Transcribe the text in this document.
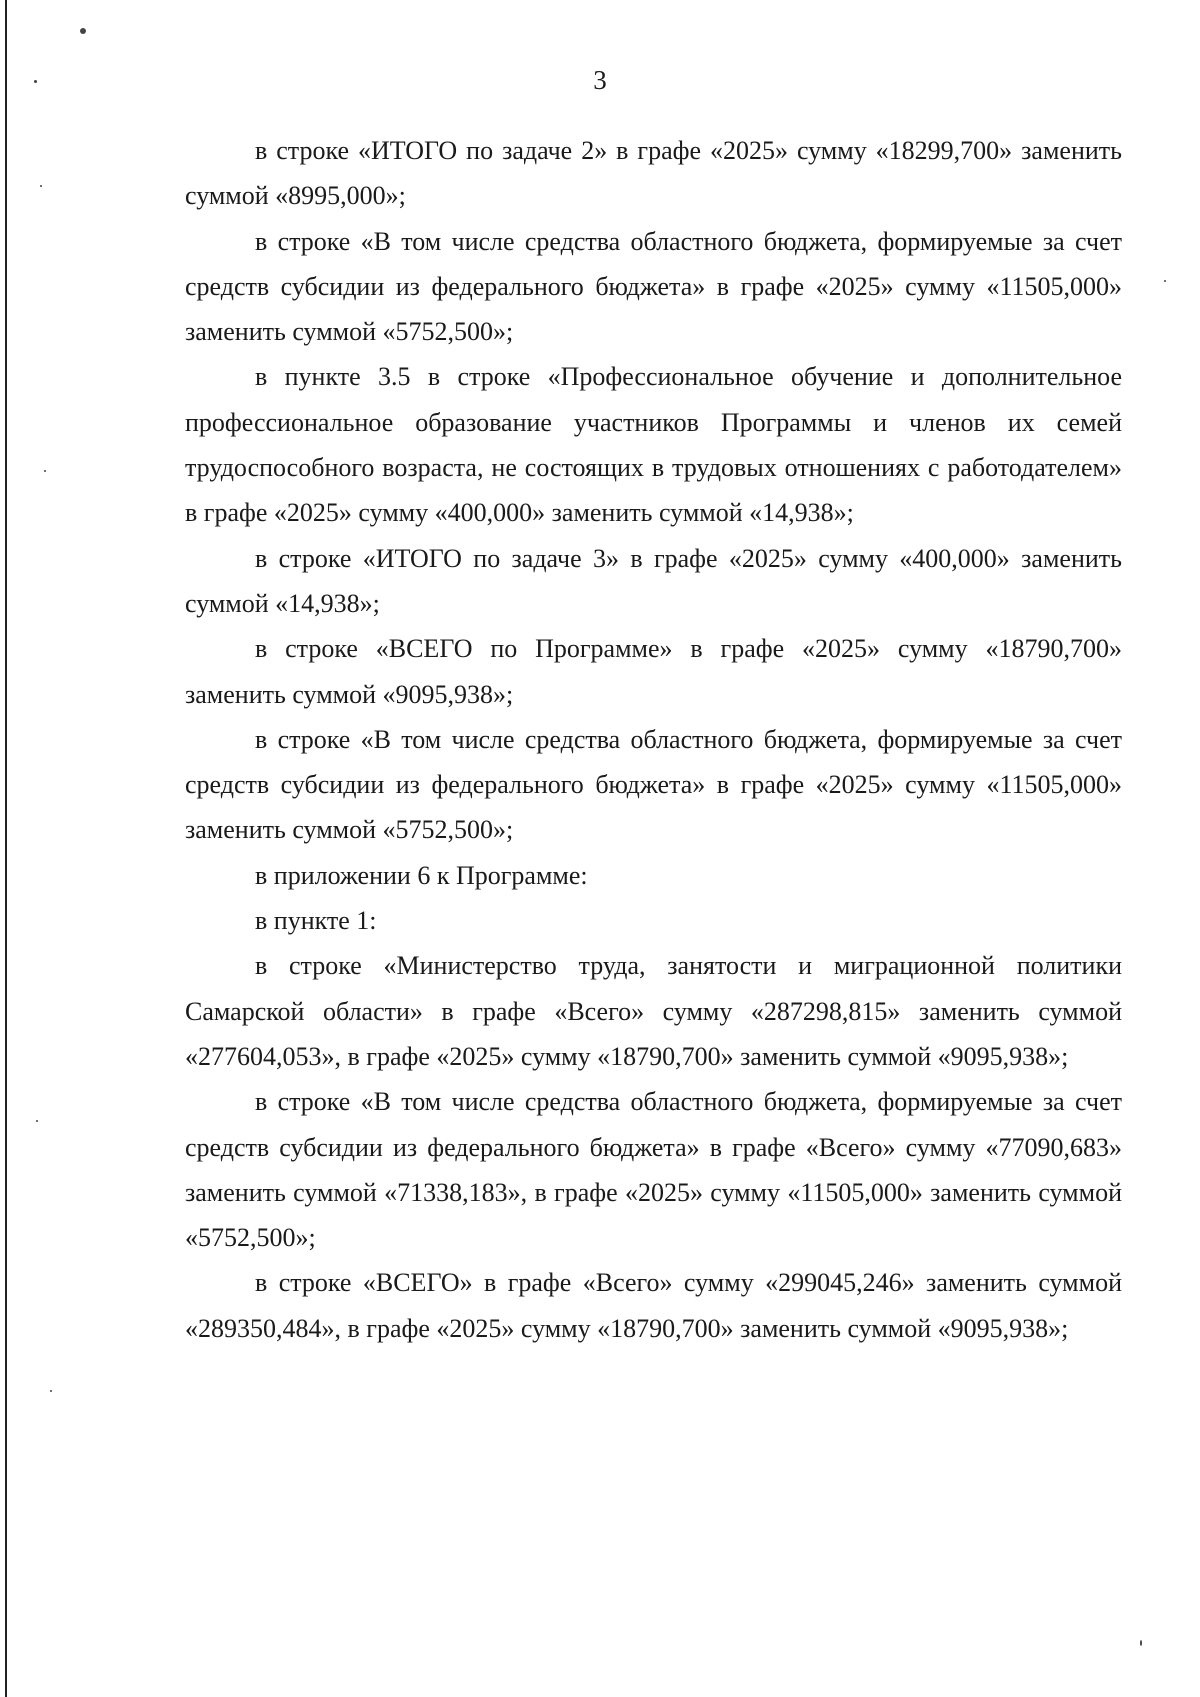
3

в строке «ИТОГО по задаче 2» в графе «2025» сумму «18299,700» заменить суммой «8995,000»;

в строке «В том числе средства областного бюджета, формируемые за счет средств субсидии из федерального бюджета» в графе «2025» сумму «11505,000» заменить суммой «5752,500»;

в пункте 3.5 в строке «Профессиональное обучение и дополнительное профессиональное образование участников Программы и членов их семей трудоспособного возраста, не состоящих в трудовых отношениях с работодателем» в графе «2025» сумму «400,000» заменить суммой «14,938»;

в строке «ИТОГО по задаче 3» в графе «2025» сумму «400,000» заменить суммой «14,938»;

в строке «ВСЕГО по Программе» в графе «2025» сумму «18790,700» заменить суммой «9095,938»;

в строке «В том числе средства областного бюджета, формируемые за счет средств субсидии из федерального бюджета» в графе «2025» сумму «11505,000» заменить суммой «5752,500»;

в приложении 6 к Программе:

в пункте 1:

в строке «Министерство труда, занятости и миграционной политики Самарской области» в графе «Всего» сумму «287298,815» заменить суммой «277604,053», в графе «2025» сумму «18790,700» заменить суммой «9095,938»;

в строке «В том числе средства областного бюджета, формируемые за счет средств субсидии из федерального бюджета» в графе «Всего» сумму «77090,683» заменить суммой «71338,183», в графе «2025» сумму «11505,000» заменить суммой «5752,500»;

в строке «ВСЕГО» в графе «Всего» сумму «299045,246» заменить суммой «289350,484», в графе «2025» сумму «18790,700» заменить суммой «9095,938»;
